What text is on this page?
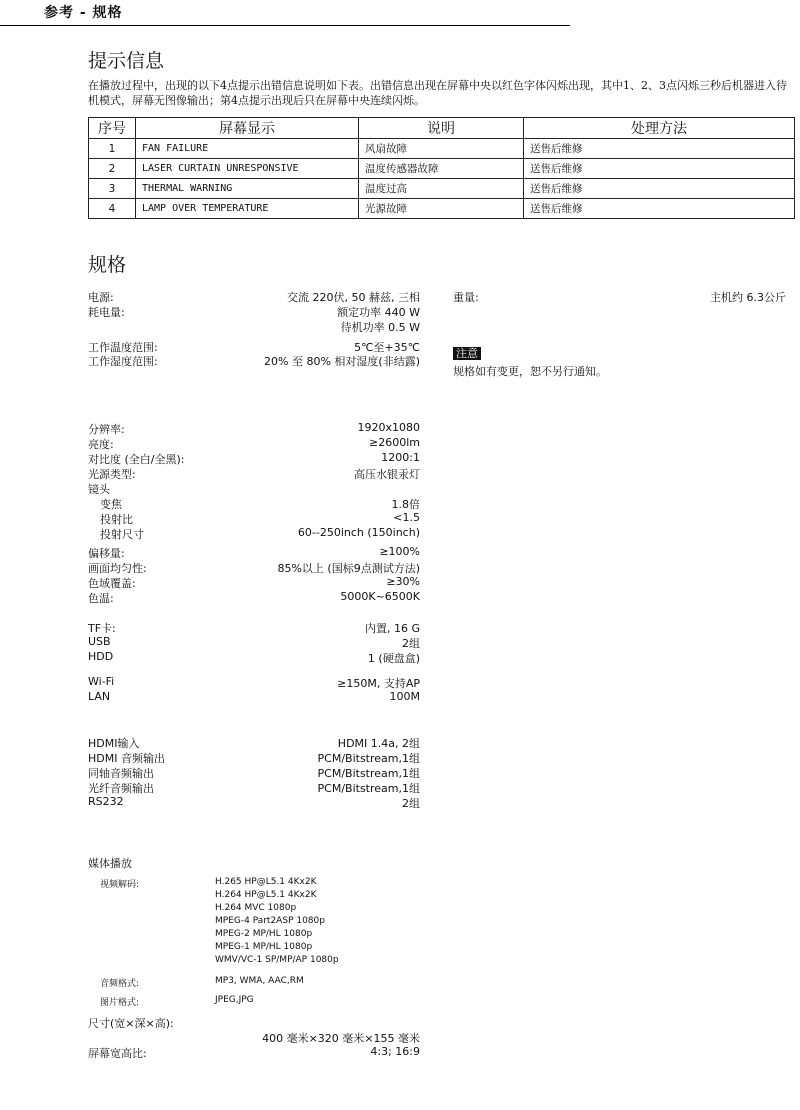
参考 - 规格
提示信息
在播放过程中，出现的以下4点提示出错信息说明如下表。出错信息出现在屏幕中央以红色字体闪烁出现，其中1、2、3点闪烁三秒后机器进入待机模式，屏幕无图像输出；第4点提示出现后只在屏幕中央连续闪烁。
序号	屏幕显示	说明	处理方法
1	FAN FAILURE	风扇故障	送售后维修
2	LASER CURTAIN UNRESPONSIVE	温度传感器故障	送售后维修
3	THERMAL WARNING	温度过高	送售后维修
4	LAMP OVER TEMPERATURE	光源故障	送售后维修
规格
电源:	交流 220伏, 50 赫兹, 三相
耗电量:	额定功率 440 W
待机功率 0.5 W
工作温度范围:	5℃至+35℃
工作湿度范围:	20% 至 80% 相对湿度(非结露)
重量:	主机约 6.3公斤
注意
规格如有变更，恕不另行通知。
分辨率:	1920x1080
亮度:	≥2600lm
对比度 (全白/全黑):	1200:1
光源类型:	高压水银汞灯
镜头
变焦	1.8倍
投射比	<1.5
投射尺寸	60--250inch (150inch)
偏移量:	≥100%
画面均匀性:	85%以上 (国标9点测试方法)
色域覆盖:	≥30%
色温:	5000K~6500K
TF卡:	内置, 16 G
USB	2组
HDD	1 (硬盘盒)
Wi-Fi	≥150M, 支持AP
LAN	100M
HDMI输入	HDMI 1.4a, 2组
HDMI 音频输出	PCM/Bitstream,1组
同轴音频输出	PCM/Bitstream,1组
光纤音频输出	PCM/Bitstream,1组
RS232	2组
媒体播放
视频解码:	H.265 HP@L5.1 4Kx2K
H.264 HP@L5.1 4Kx2K
H.264 MVC 1080p
MPEG-4 Part2ASP 1080p
MPEG-2 MP/HL 1080p
MPEG-1 MP/HL 1080p
WMV/VC-1 SP/MP/AP 1080p
音频格式:	MP3, WMA, AAC,RM
图片格式:	JPEG,JPG
尺寸(宽×深×高):
400 毫米×320 毫米×155 毫米
屏幕宽高比:	4:3; 16:9
